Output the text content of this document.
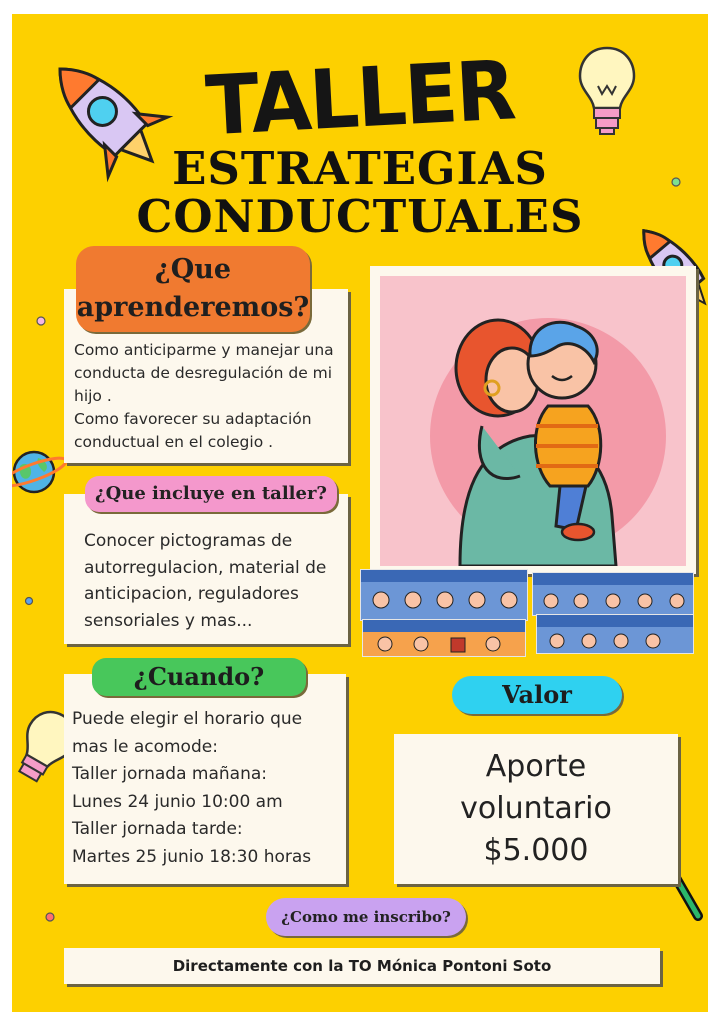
TALLER
ESTRATEGIAS
CONDUCTUALES

Como anticiparme y manejar una
conducta de desregulación de mi
hijo .
Como favorecer su adaptación
conductual en el colegio .

¿Que
aprenderemos?

Conocer pictogramas de
autorregulacion, material de
anticipacion, reguladores
sensoriales y mas...

¿Que incluye en taller?

Puede elegir el horario que
mas le acomode:
Taller jornada mañana:
Lunes 24 junio 10:00 am
Taller jornada tarde:
Martes 25 junio 18:30 horas

¿Cuando?
Valor

Aporte
voluntario
$5.000

¿Como me inscribo?
Directamente con la TO Mónica Pontoni Soto
